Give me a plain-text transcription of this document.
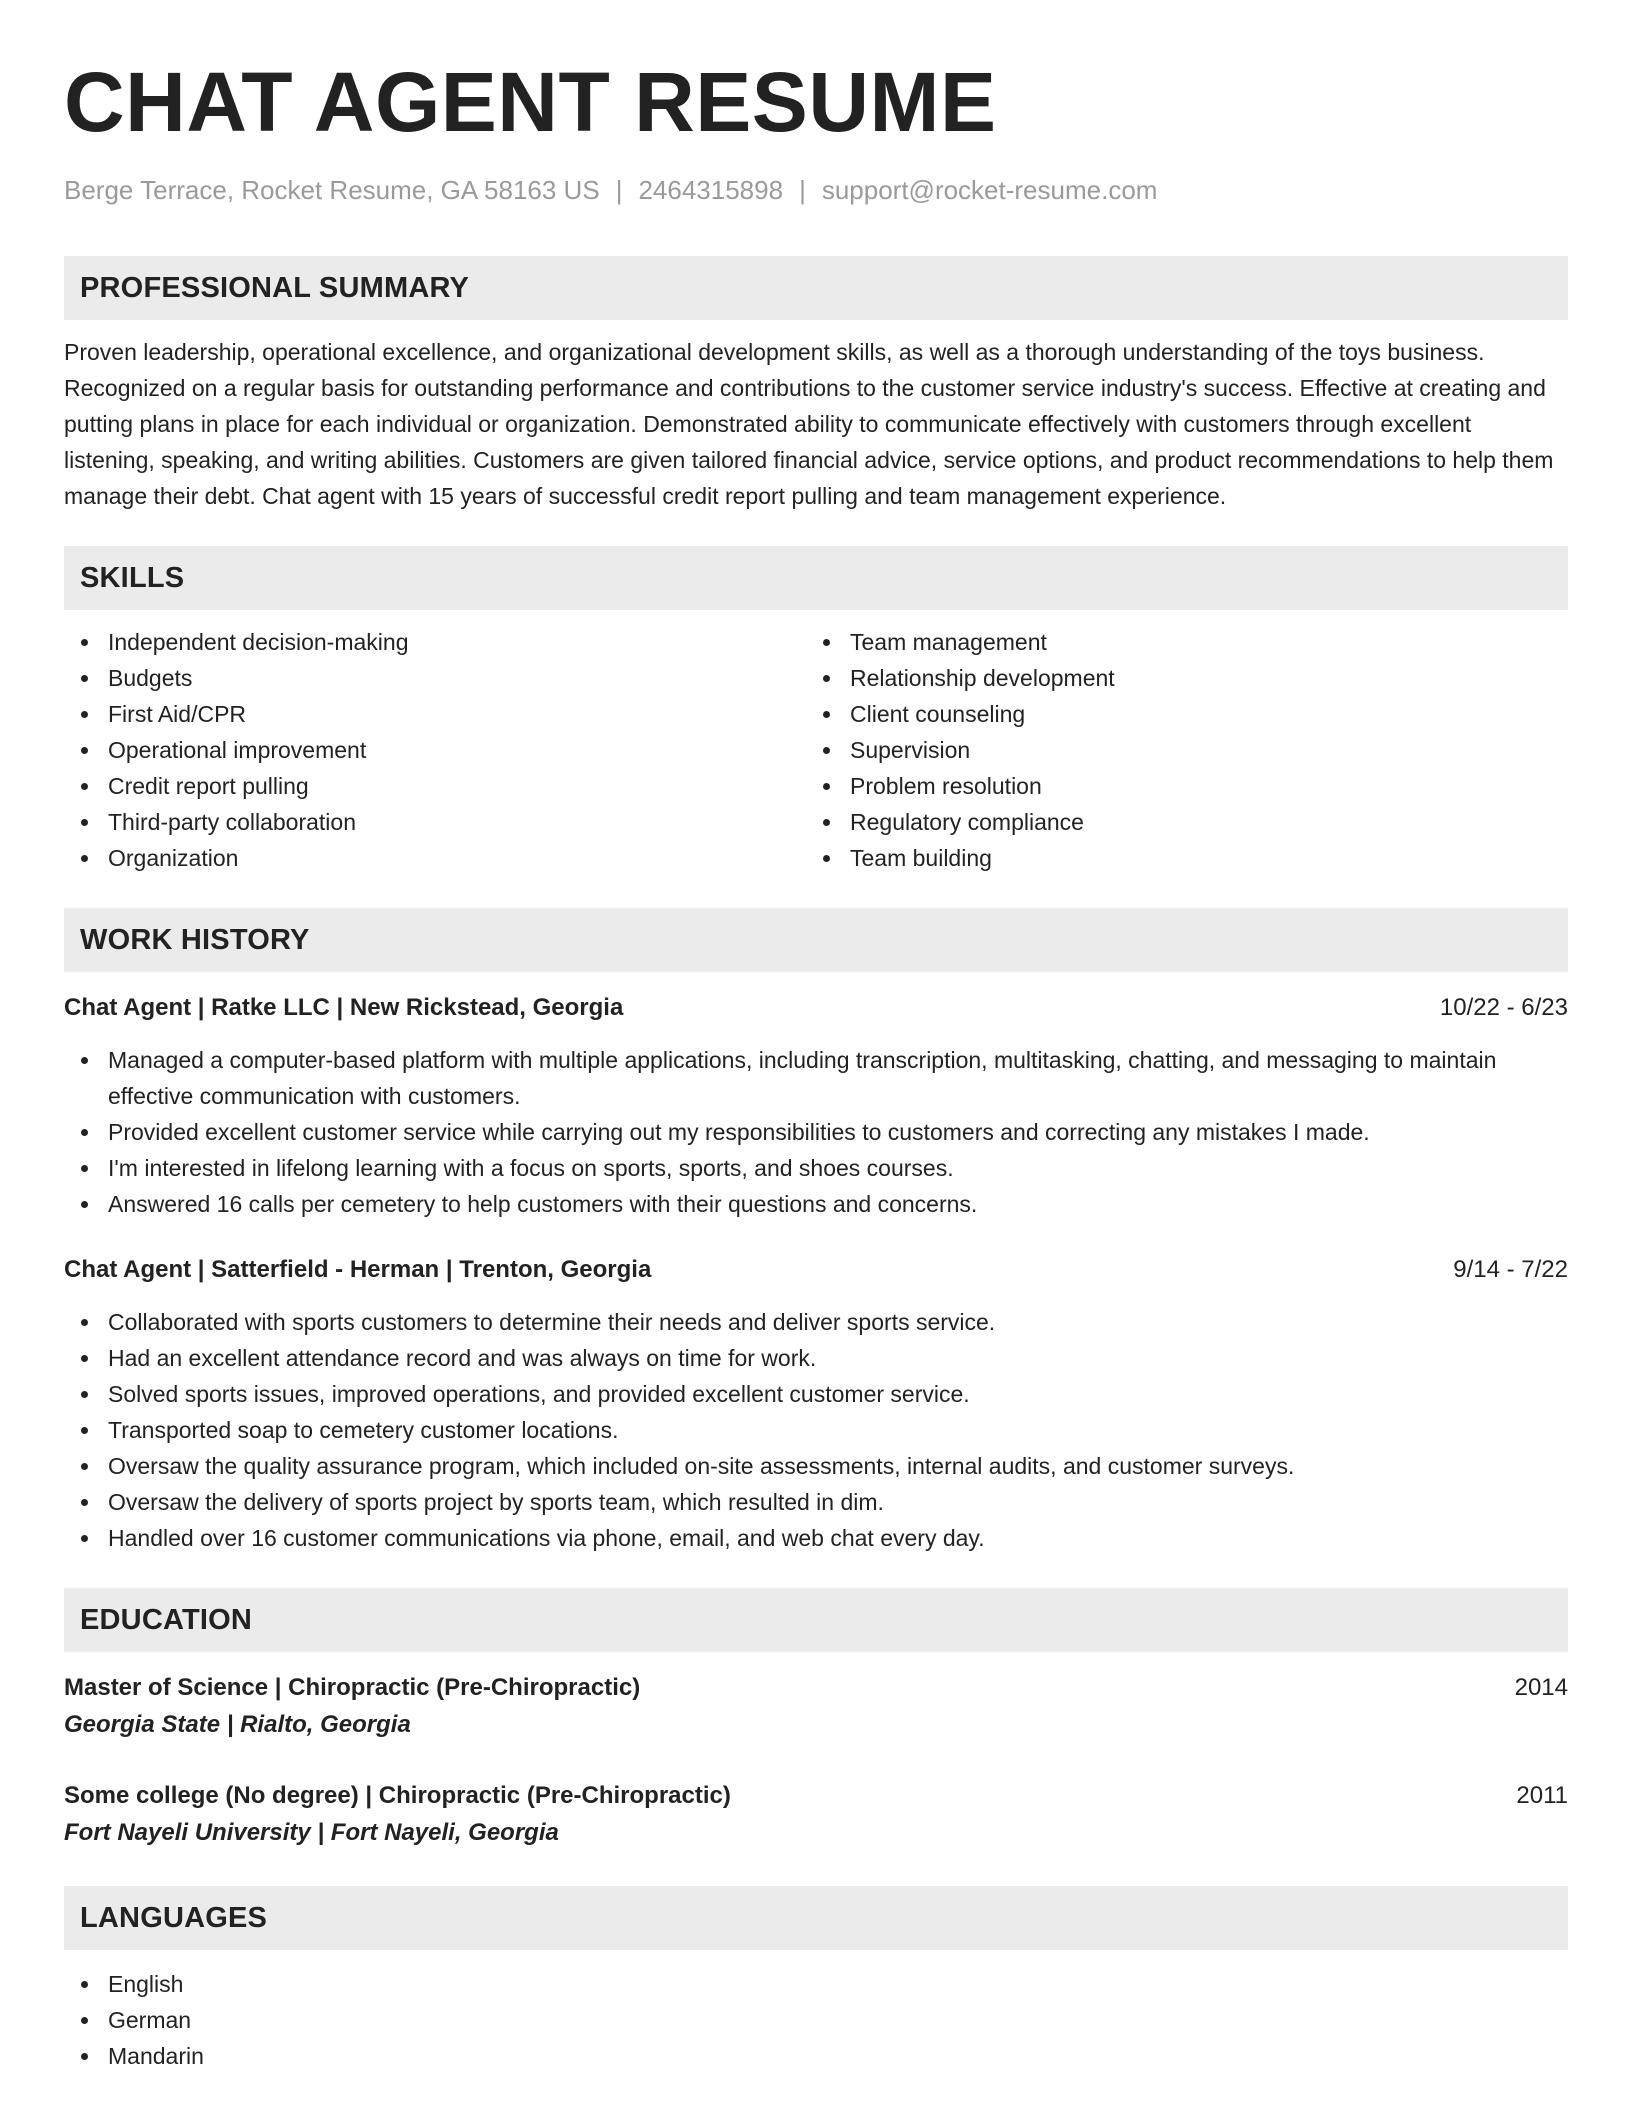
CHAT AGENT RESUME
Berge Terrace, Rocket Resume, GA 58163 US | 2464315898 | support@rocket-resume.com
PROFESSIONAL SUMMARY
Proven leadership, operational excellence, and organizational development skills, as well as a thorough understanding of the toys business. Recognized on a regular basis for outstanding performance and contributions to the customer service industry's success. Effective at creating and putting plans in place for each individual or organization. Demonstrated ability to communicate effectively with customers through excellent listening, speaking, and writing abilities. Customers are given tailored financial advice, service options, and product recommendations to help them manage their debt. Chat agent with 15 years of successful credit report pulling and team management experience.
SKILLS
Independent decision-making
Budgets
First Aid/CPR
Operational improvement
Credit report pulling
Third-party collaboration
Organization
Team management
Relationship development
Client counseling
Supervision
Problem resolution
Regulatory compliance
Team building
WORK HISTORY
Chat Agent | Ratke LLC | New Rickstead, Georgia	10/22 - 6/23
Managed a computer-based platform with multiple applications, including transcription, multitasking, chatting, and messaging to maintain effective communication with customers.
Provided excellent customer service while carrying out my responsibilities to customers and correcting any mistakes I made.
I'm interested in lifelong learning with a focus on sports, sports, and shoes courses.
Answered 16 calls per cemetery to help customers with their questions and concerns.
Chat Agent | Satterfield - Herman | Trenton, Georgia	9/14 - 7/22
Collaborated with sports customers to determine their needs and deliver sports service.
Had an excellent attendance record and was always on time for work.
Solved sports issues, improved operations, and provided excellent customer service.
Transported soap to cemetery customer locations.
Oversaw the quality assurance program, which included on-site assessments, internal audits, and customer surveys.
Oversaw the delivery of sports project by sports team, which resulted in dim.
Handled over 16 customer communications via phone, email, and web chat every day.
EDUCATION
Master of Science | Chiropractic (Pre-Chiropractic)	2014
Georgia State | Rialto, Georgia
Some college (No degree) | Chiropractic (Pre-Chiropractic)	2011
Fort Nayeli University | Fort Nayeli, Georgia
LANGUAGES
English
German
Mandarin
